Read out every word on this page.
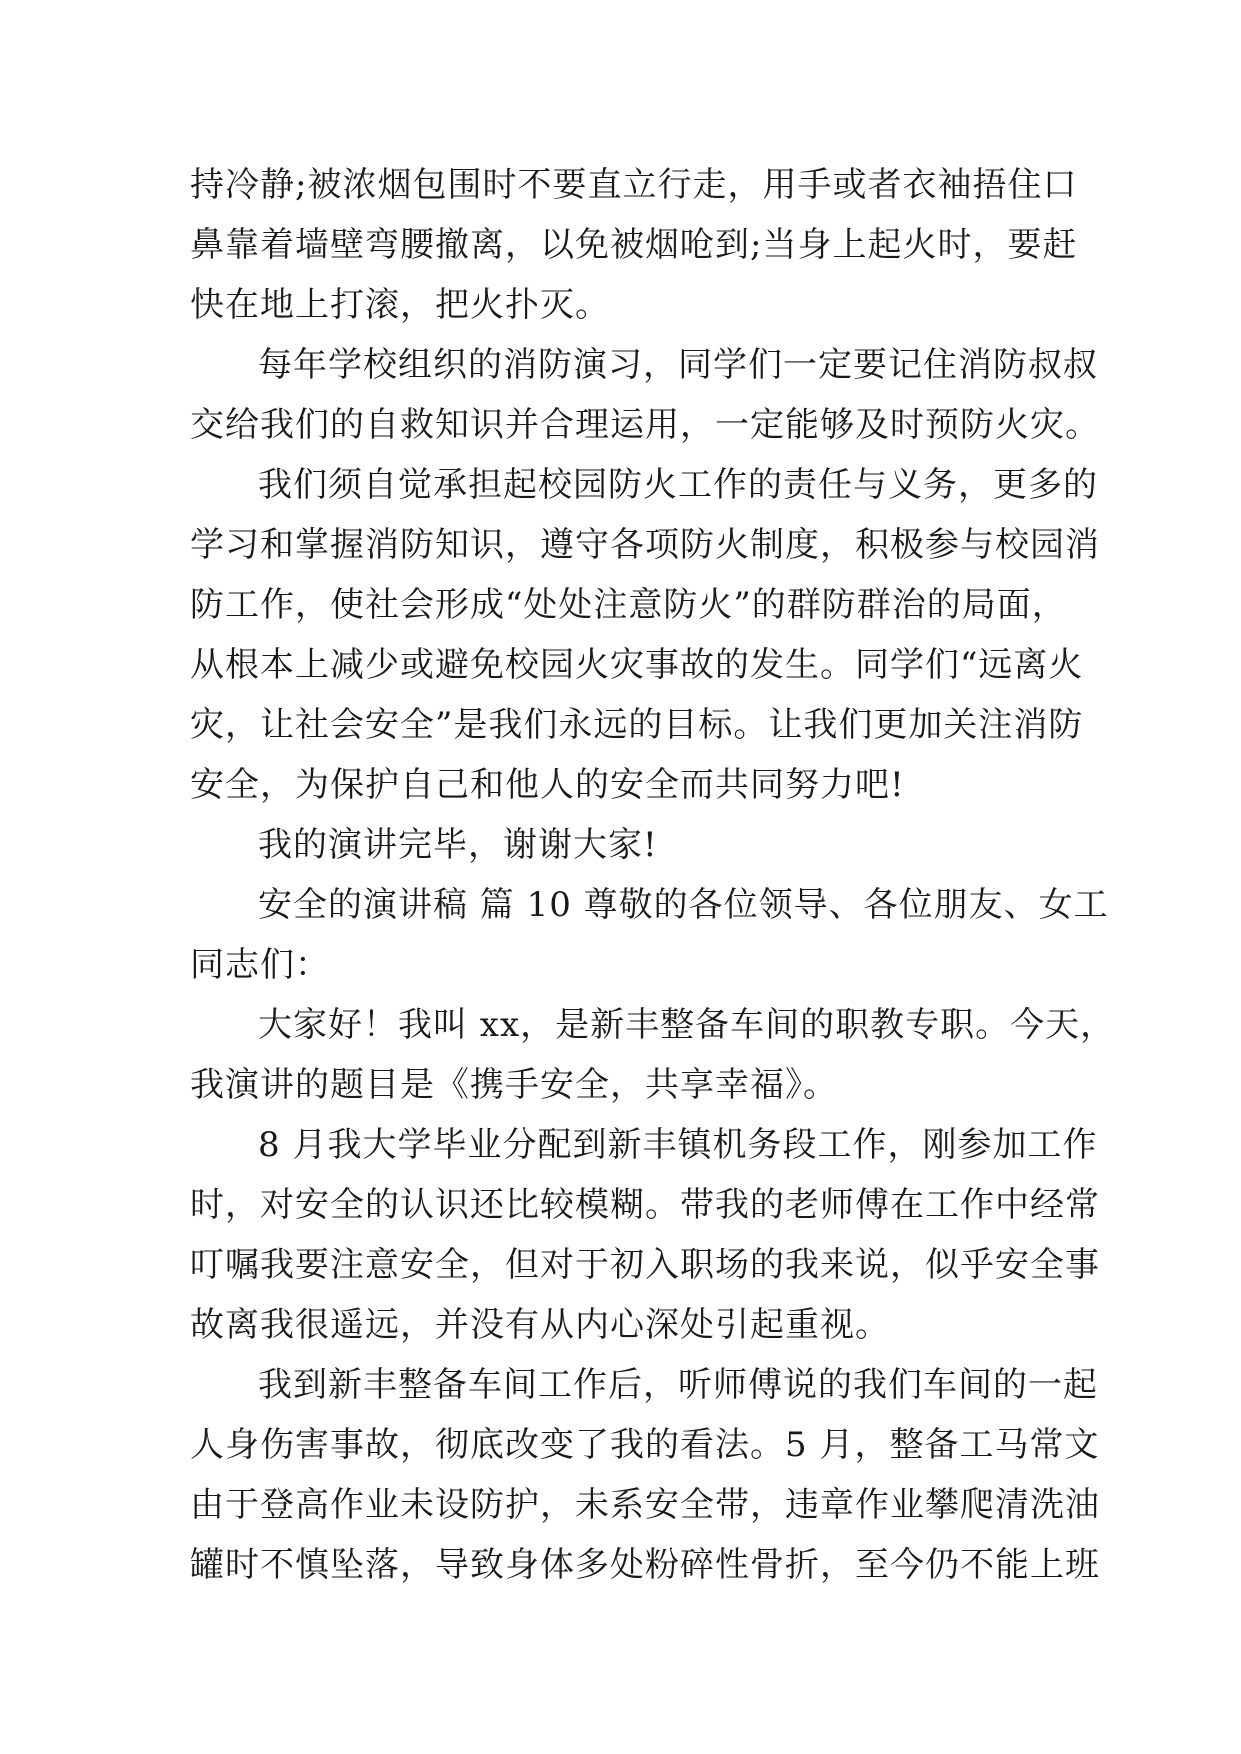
持冷静;被浓烟包围时不要直立行走，用手或者衣袖捂住口
鼻靠着墙壁弯腰撤离，以免被烟呛到;当身上起火时，要赶
快在地上打滚，把火扑灭。
每年学校组织的消防演习，同学们一定要记住消防叔叔
交给我们的自救知识并合理运用，一定能够及时预防火灾。
我们须自觉承担起校园防火工作的责任与义务，更多的
学习和掌握消防知识，遵守各项防火制度，积极参与校园消
防工作，使社会形成“处处注意防火”的群防群治的局面，
从根本上减少或避免校园火灾事故的发生。同学们“远离火
灾，让社会安全”是我们永远的目标。让我们更加关注消防
安全，为保护自己和他人的安全而共同努力吧!
我的演讲完毕，谢谢大家!
安全的演讲稿 篇 10 尊敬的各位领导、各位朋友、女工
同志们：
大家好！我叫 xx，是新丰整备车间的职教专职。今天，
我演讲的题目是《携手安全，共享幸福》。
8 月我大学毕业分配到新丰镇机务段工作，刚参加工作
时，对安全的认识还比较模糊。带我的老师傅在工作中经常
叮嘱我要注意安全，但对于初入职场的我来说，似乎安全事
故离我很遥远，并没有从内心深处引起重视。
我到新丰整备车间工作后，听师傅说的我们车间的一起
人身伤害事故，彻底改变了我的看法。5 月，整备工马常文
由于登高作业未设防护，未系安全带，违章作业攀爬清洗油
罐时不慎坠落，导致身体多处粉碎性骨折，至今仍不能上班
